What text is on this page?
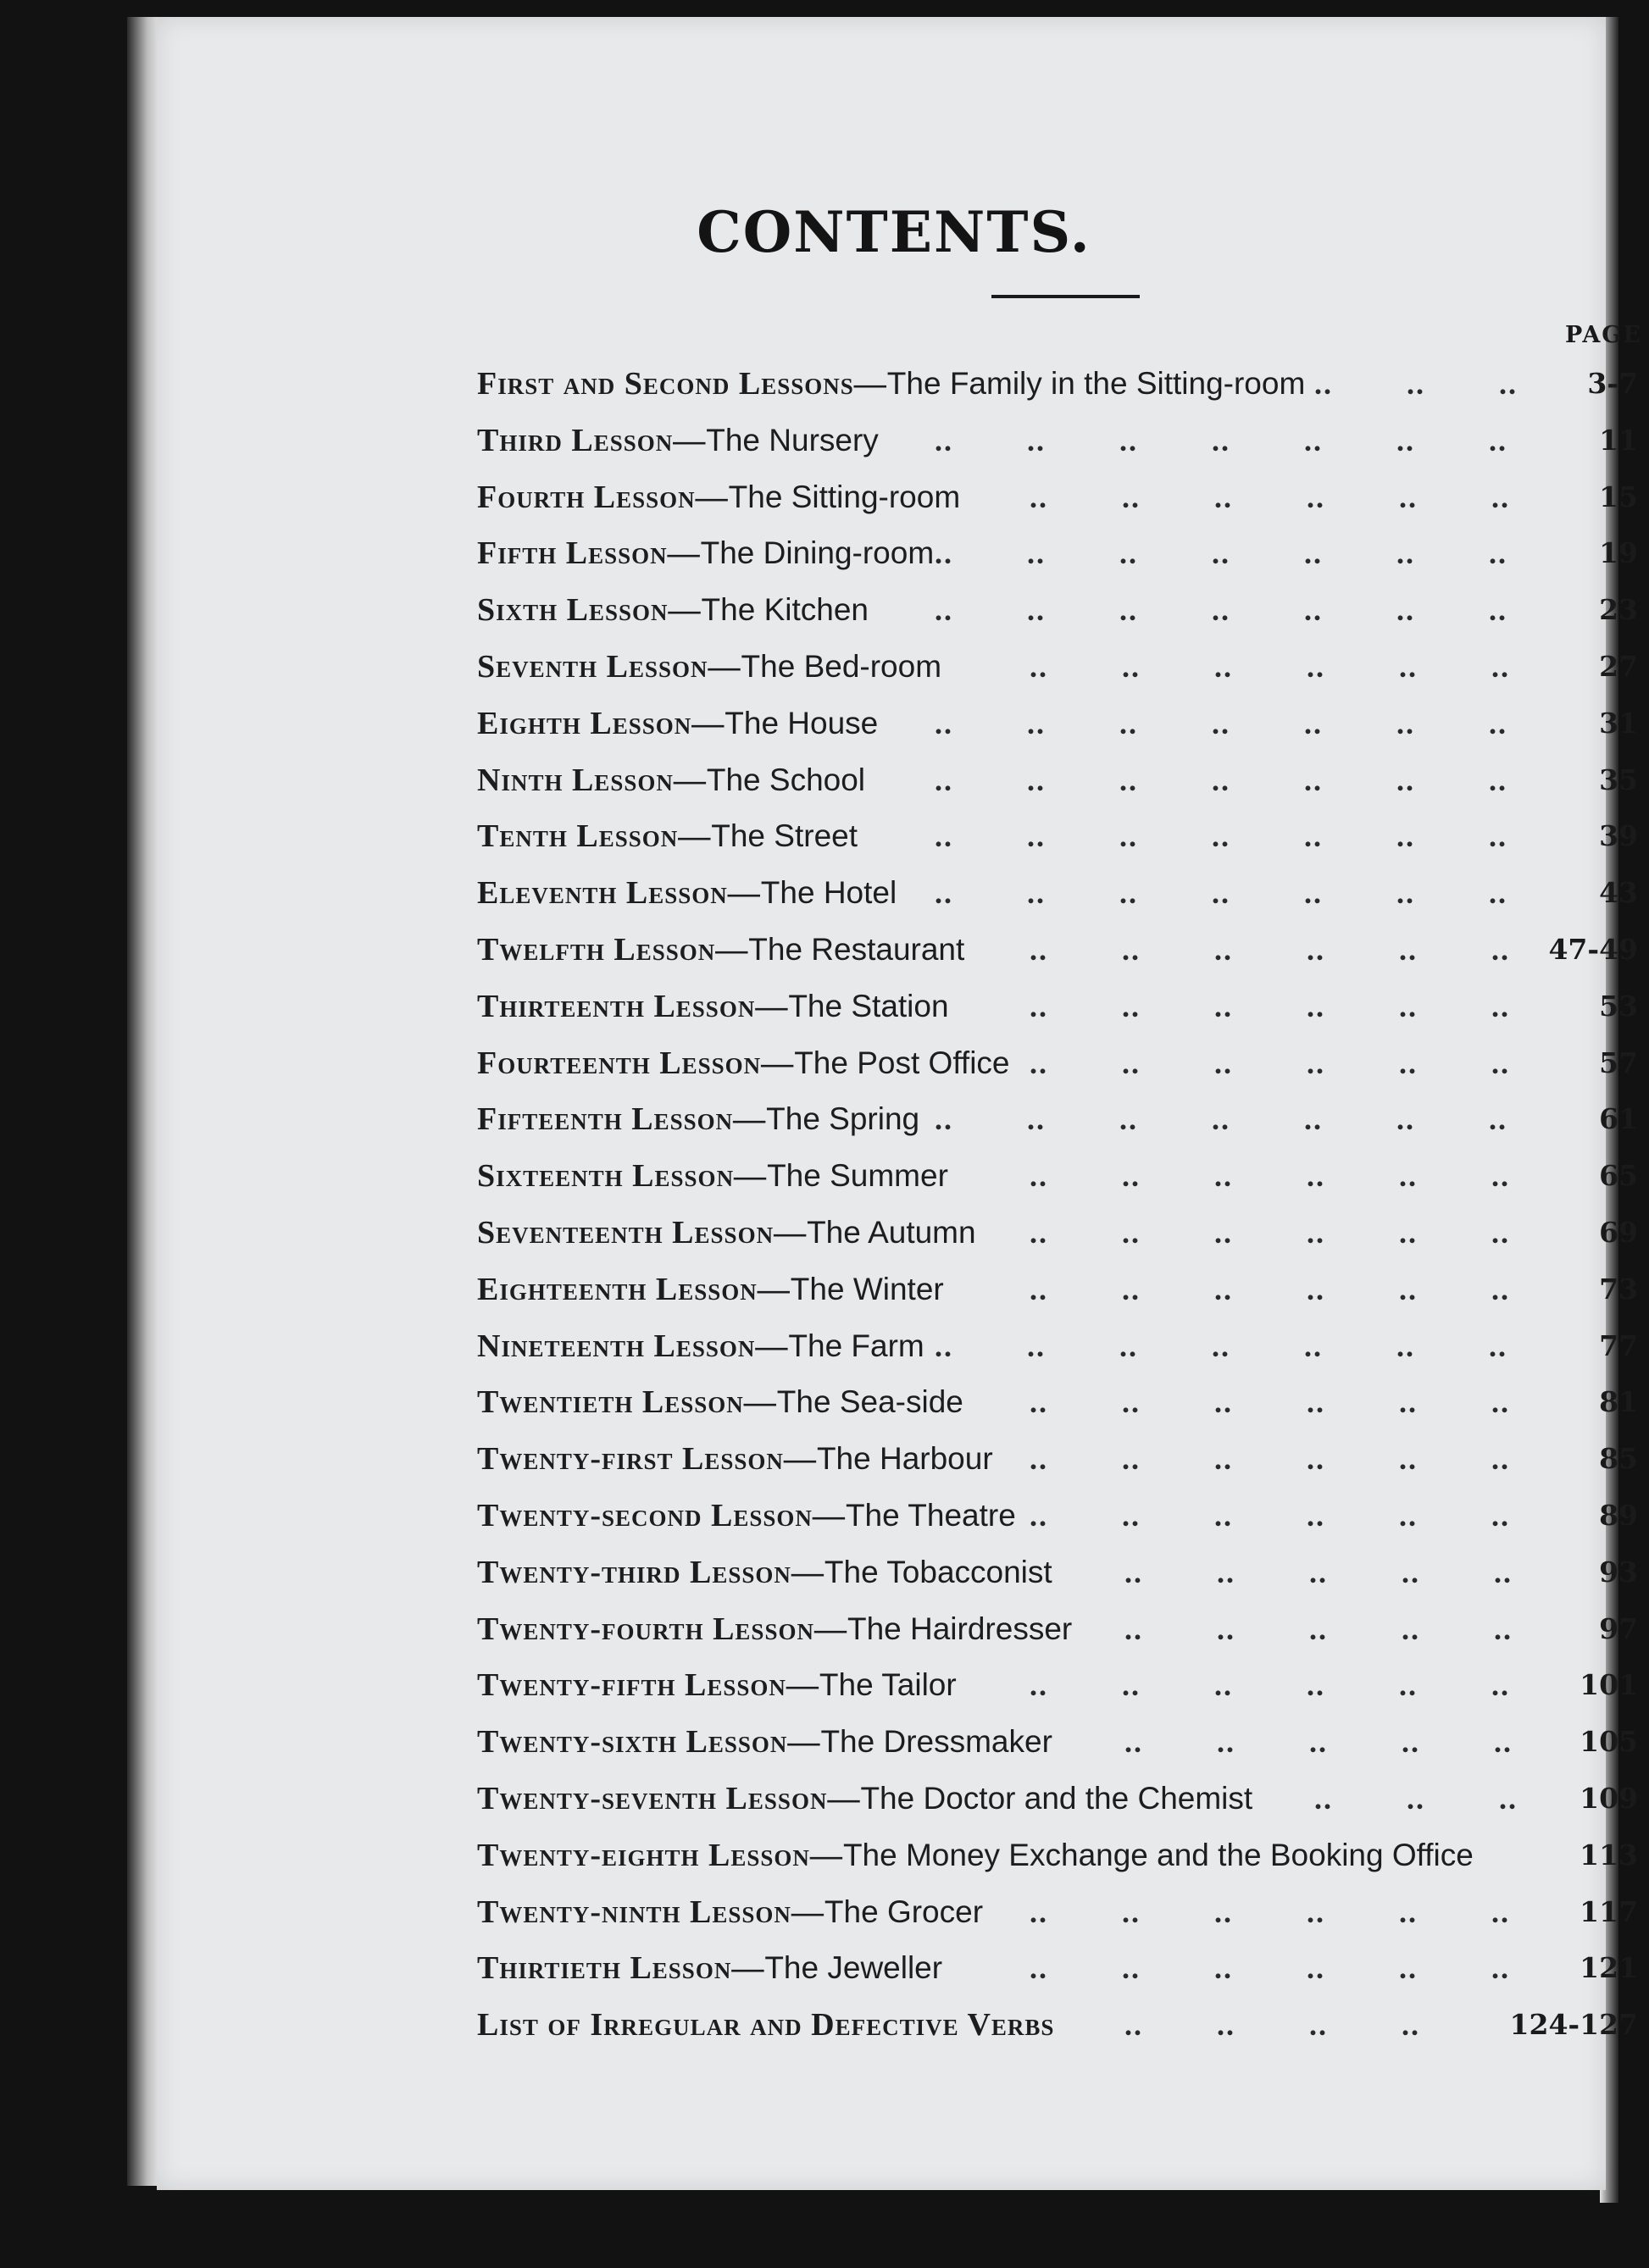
CONTENTS.
PAGE
First and Second Lessons—The Family in the Sitting-room ..   ..   .. 3-7
Third Lesson—The Nursery ..   ..   ..   ..   ..   ..   ..	11
Fourth Lesson—The Sitting-room ..   ..   ..   ..   ..   ..	15
Fifth Lesson—The Dining-room ..   ..   ..   ..   ..   ..   ..	19
Sixth Lesson—The Kitchen ..   ..   ..   ..   ..   ..   ..	23
Seventh Lesson—The Bed-room	..   ..   ..   ..   ..   ..	27
Eighth Lesson—The House ..   ..   ..   ..   ..   ..   ..	31
Ninth Lesson—The School ..   ..   ..   ..   ..   ..   ..	35
Tenth Lesson—The Street	..   ..   ..   ..   ..   ..   ..	39
Eleventh Lesson—The Hotel ..   ..   ..   ..   ..   ..   ..	43
Twelfth Lesson—The Restaurant ..   ..   ..   ..   ..   .. 47-49
Thirteenth Lesson—The Station	..   ..   ..   ..   ..   ..	53
Fourteenth Lesson—The Post Office ..   ..   ..   ..   ..   ..	57
Fifteenth Lesson—The Spring ..   ..   ..   ..   ..   ..   ..	61
Sixteenth Lesson—The Summer	..   ..   ..   ..   ..   ..	65
Seventeenth Lesson—The Autumn ..   ..   ..   ..   ..   ..	69
Eighteenth Lesson—The Winter	..   ..   ..   ..   ..   ..	73
Nineteenth Lesson—The Farm ..   ..   ..   ..   ..   ..   ..	77
Twentieth Lesson—The Sea-side ..   ..   ..   ..   ..   ..	81
Twenty-first Lesson—The Harbour ..   ..   ..   ..   ..   ..	85
Twenty-second Lesson—The Theatre ..   ..   ..   ..   ..   ..	89
Twenty-third Lesson—The Tobacconist ..   ..   ..   ..   ..	93
Twenty-fourth Lesson—The Hairdresser ..   ..   ..   ..   ..	97
Twenty-fifth Lesson—The Tailor ..   ..   ..   ..   ..   .. 101
Twenty-sixth Lesson—The Dressmaker ..   ..   ..   ..   .. 105
Twenty-seventh Lesson—The Doctor and the Chemist ..   ..   .. 109
Twenty-eighth Lesson—The Money Exchange and the Booking Office	113
Twenty-ninth Lesson—The Grocer ..   ..   ..   ..   ..   .. 117
Thirtieth Lesson—The Jeweller	..   ..   ..   ..   ..   .. 121
List of Irregular and Defective Verbs ..   ..   ..   ..	124-127
